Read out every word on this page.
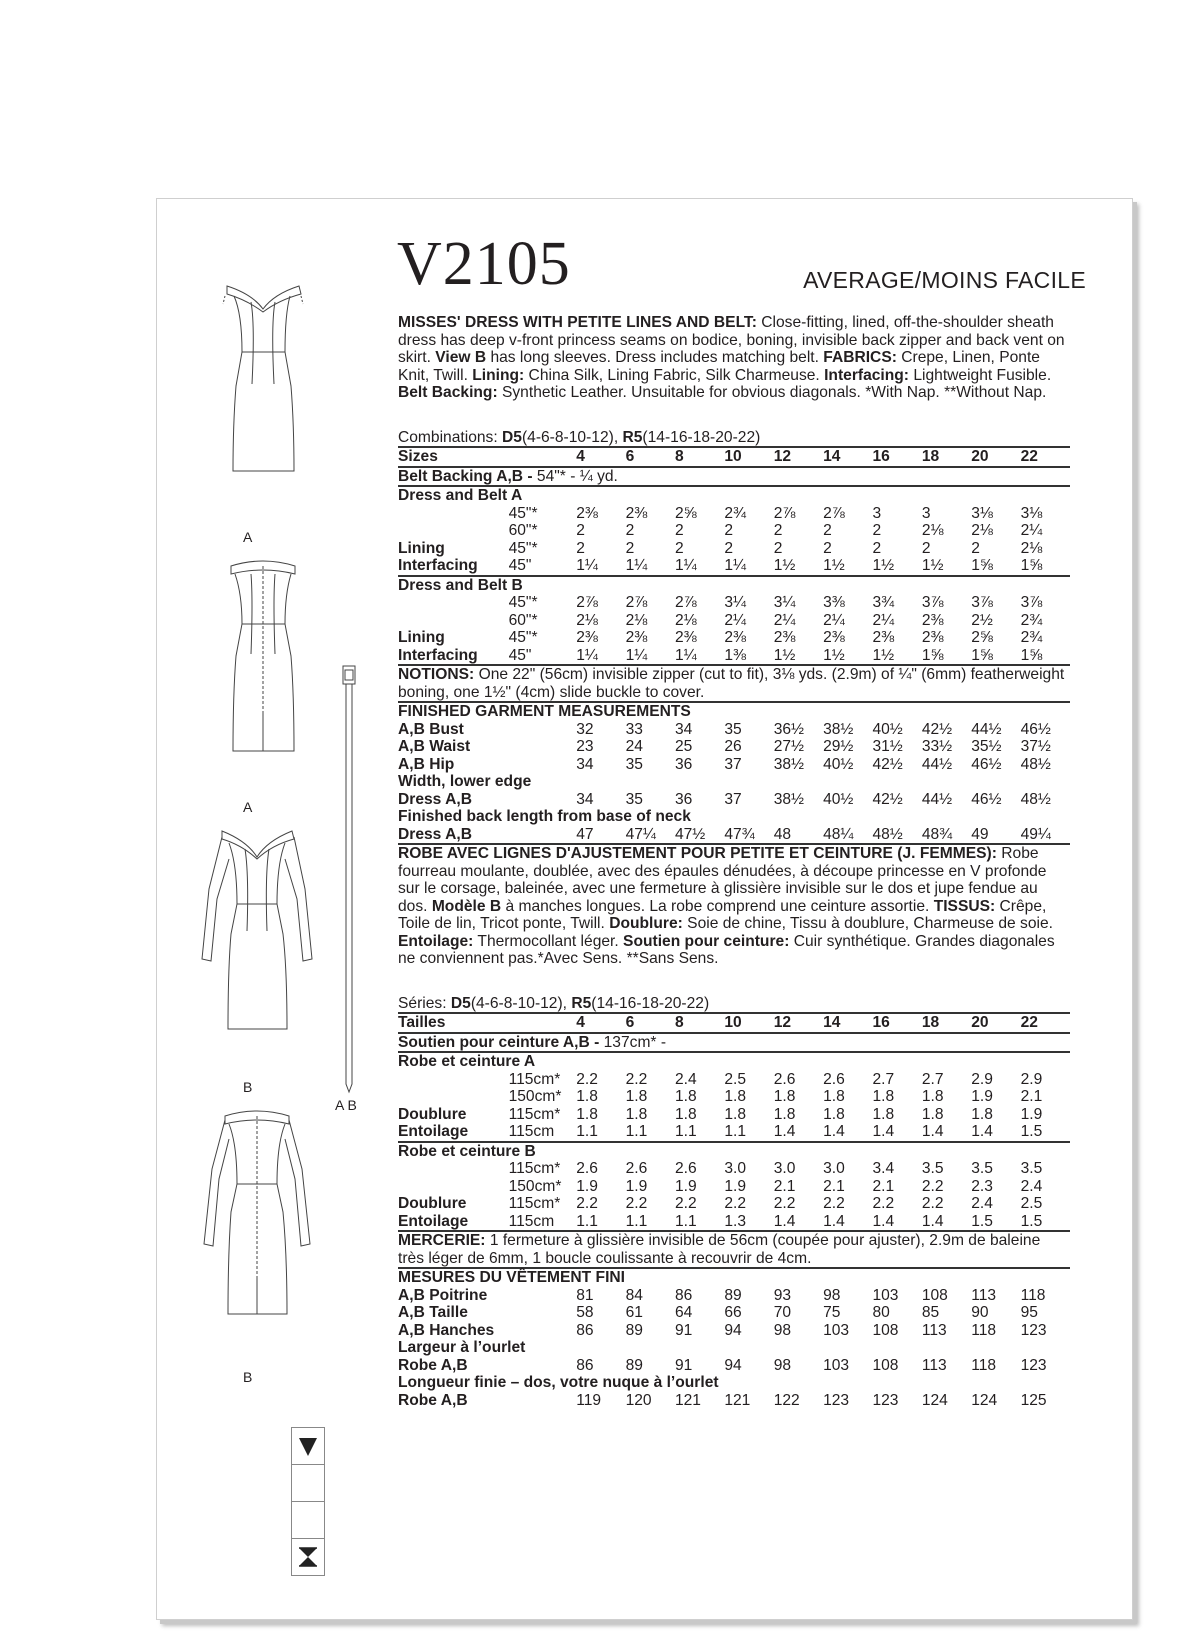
V2105	AVERAGE/MOINS FACILE
A
A
B
B
A B

MISSES' DRESS WITH PETITE LINES AND BELT: Close-fitting, lined, off-the-shoulder sheath dress has deep v-front princess seams on bodice, boning, invisible back zipper and back vent on skirt. View B has long sleeves. Dress includes matching belt. FABRICS: Crepe, Linen, Ponte Knit, Twill. Lining: China Silk, Lining Fabric, Silk Charmeuse. Interfacing: Lightweight Fusible. Belt Backing: Synthetic Leather. Unsuitable for obvious diagonals. *With Nap. **Without Nap.

Combinations: D5(4-6-8-10-12), R5(14-16-18-20-22)
Sizes		4	6	8	10	12	14	16	18	20	22
Belt Backing A,B - 54"* - ¼ yd.											
Dress and Belt A											
	45"*	2⅜	2⅜	2⅝	2¾	2⅞	2⅞	3	3	3⅛	3⅛
	60"*	2	2	2	2	2	2	2	2⅛	2⅛	2¼
Lining	45"*	2	2	2	2	2	2	2	2	2	2⅛
Interfacing	45"	1¼	1¼	1¼	1¼	1½	1½	1½	1½	1⅝	1⅝
Dress and Belt B											
	45"*	2⅞	2⅞	2⅞	3¼	3¼	3⅜	3¾	3⅞	3⅞	3⅞
	60"*	2⅛	2⅛	2⅛	2¼	2¼	2¼	2¼	2⅜	2½	2¾
Lining	45"*	2⅜	2⅜	2⅜	2⅜	2⅜	2⅜	2⅜	2⅜	2⅝	2¾
Interfacing	45"	1¼	1¼	1¼	1⅜	1½	1½	1½	1⅝	1⅝	1⅝
NOTIONS: One 22" (56cm) invisible zipper (cut to fit), 3⅛ yds. (2.9m) of ¼" (6mm) featherweight boning, one 1½" (4cm) slide buckle to cover.											
FINISHED GARMENT MEASUREMENTS											
A,B Bust		32	33	34	35	36½	38½	40½	42½	44½	46½
A,B Waist		23	24	25	26	27½	29½	31½	33½	35½	37½
A,B Hip		34	35	36	37	38½	40½	42½	44½	46½	48½
Width, lower edge											
Dress A,B		34	35	36	37	38½	40½	42½	44½	46½	48½
Finished back length from base of neck											
Dress A,B		47	47¼	47½	47¾	48	48¼	48½	48¾	49	49¼

ROBE AVEC LIGNES D'AJUSTEMENT POUR PETITE ET CEINTURE (J. FEMMES): Robe fourreau moulante, doublée, avec des épaules dénudées, à découpe princesse en V profonde sur le corsage, baleinée, avec une fermeture à glissière invisible sur le dos et jupe fendue au dos. Modèle B à manches longues. La robe comprend une ceinture assortie. TISSUS: Crêpe, Toile de lin, Tricot ponte, Twill. Doublure: Soie de chine, Tissu à doublure, Charmeuse de soie. Entoilage: Thermocollant léger. Soutien pour ceinture: Cuir synthétique. Grandes diagonales ne conviennent pas.*Avec Sens. **Sans Sens.

Séries: D5(4-6-8-10-12), R5(14-16-18-20-22)
Tailles		4	6	8	10	12	14	16	18	20	22
Soutien pour ceinture A,B - 137cm* -											
Robe et ceinture A											
	115cm*	2.2	2.2	2.4	2.5	2.6	2.6	2.7	2.7	2.9	2.9
	150cm*	1.8	1.8	1.8	1.8	1.8	1.8	1.8	1.8	1.9	2.1
Doublure	115cm*	1.8	1.8	1.8	1.8	1.8	1.8	1.8	1.8	1.8	1.9
Entoilage	115cm	1.1	1.1	1.1	1.1	1.4	1.4	1.4	1.4	1.4	1.5
Robe et ceinture B											
	115cm*	2.6	2.6	2.6	3.0	3.0	3.0	3.4	3.5	3.5	3.5
	150cm*	1.9	1.9	1.9	1.9	2.1	2.1	2.1	2.2	2.3	2.4
Doublure	115cm*	2.2	2.2	2.2	2.2	2.2	2.2	2.2	2.2	2.4	2.5
Entoilage	115cm	1.1	1.1	1.1	1.3	1.4	1.4	1.4	1.4	1.5	1.5
MERCERIE: 1 fermeture à glissière invisible de 56cm (coupée pour ajuster), 2.9m de baleine très léger de 6mm, 1 boucle coulissante à recouvrir de 4cm.											
MESURES DU VÊTEMENT FINI											
A,B Poitrine		81	84	86	89	93	98	103	108	113	118
A,B Taille		58	61	64	66	70	75	80	85	90	95
A,B Hanches		86	89	91	94	98	103	108	113	118	123
Largeur à l’ourlet											
Robe A,B		86	89	91	94	98	103	108	113	118	123
Longueur finie – dos, votre nuque à l’ourlet											
Robe A,B		119	120	121	121	122	123	123	124	124	125
